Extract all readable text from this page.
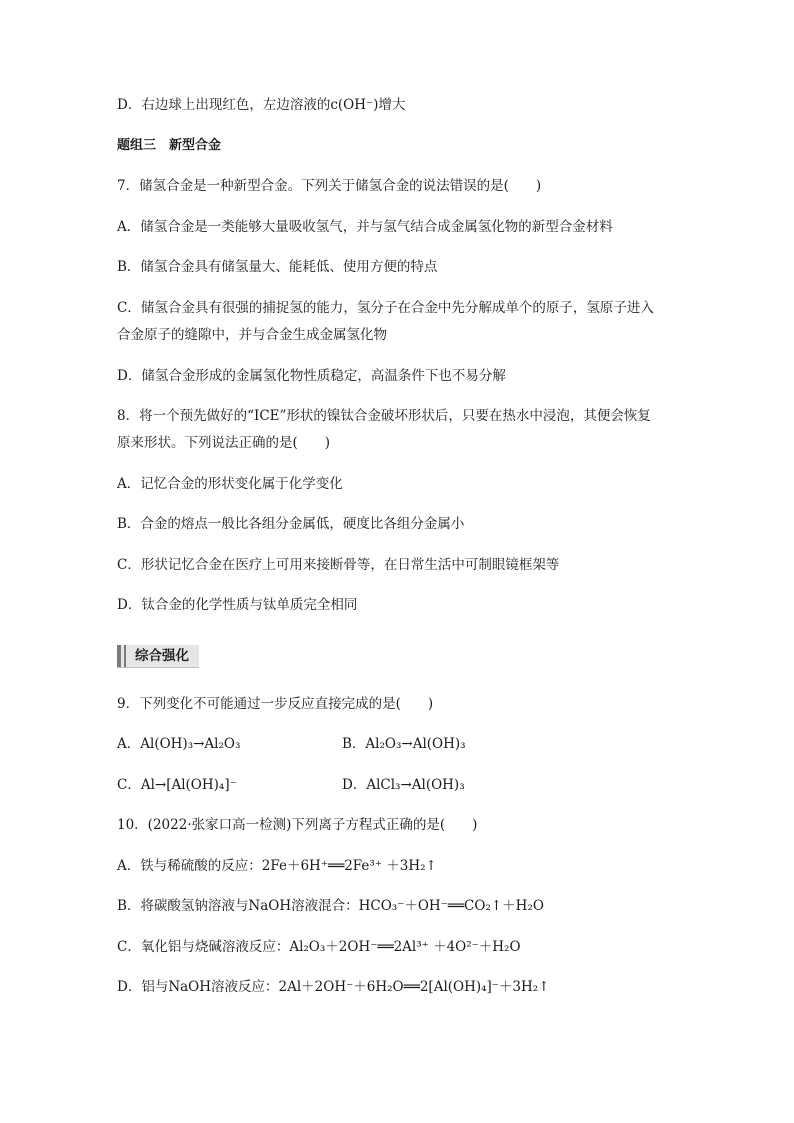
D．右边球上出现红色，左边溶液的c(OH⁻)增大
题组三　新型合金
7．储氢合金是一种新型合金。下列关于储氢合金的说法错误的是(　　)
A．储氢合金是一类能够大量吸收氢气，并与氢气结合成金属氢化物的新型合金材料
B．储氢合金具有储氢量大、能耗低、使用方便的特点
C．储氢合金具有很强的捕捉氢的能力，氢分子在合金中先分解成单个的原子，氢原子进入
合金原子的缝隙中，并与合金生成金属氢化物
D．储氢合金形成的金属氢化物性质稳定，高温条件下也不易分解
8．将一个预先做好的“ICE”形状的镍钛合金破坏形状后，只要在热水中浸泡，其便会恢复
原来形状。下列说法正确的是(　　)
A．记忆合金的形状变化属于化学变化
B．合金的熔点一般比各组分金属低，硬度比各组分金属小
C．形状记忆合金在医疗上可用来接断骨等，在日常生活中可制眼镜框架等
D．钛合金的化学性质与钛单质完全相同
综合强化
9．下列变化不可能通过一步反应直接完成的是(　　)
A．Al(OH)₃→Al₂O₃	B．Al₂O₃→Al(OH)₃
C．Al→[Al(OH)₄]⁻	D．AlCl₃→Al(OH)₃
10．(2022·张家口高一检测)下列离子方程式正确的是(　　)
A．铁与稀硫酸的反应：2Fe＋6H⁺══2Fe³⁺ ＋3H₂↑
B．将碳酸氢钠溶液与NaOH溶液混合：HCO₃⁻＋OH⁻══CO₂↑＋H₂O
C．氧化铝与烧碱溶液反应：Al₂O₃＋2OH⁻══2Al³⁺ ＋4O²⁻＋H₂O
D．铝与NaOH溶液反应：2Al＋2OH⁻＋6H₂O══2[Al(OH)₄]⁻＋3H₂↑
